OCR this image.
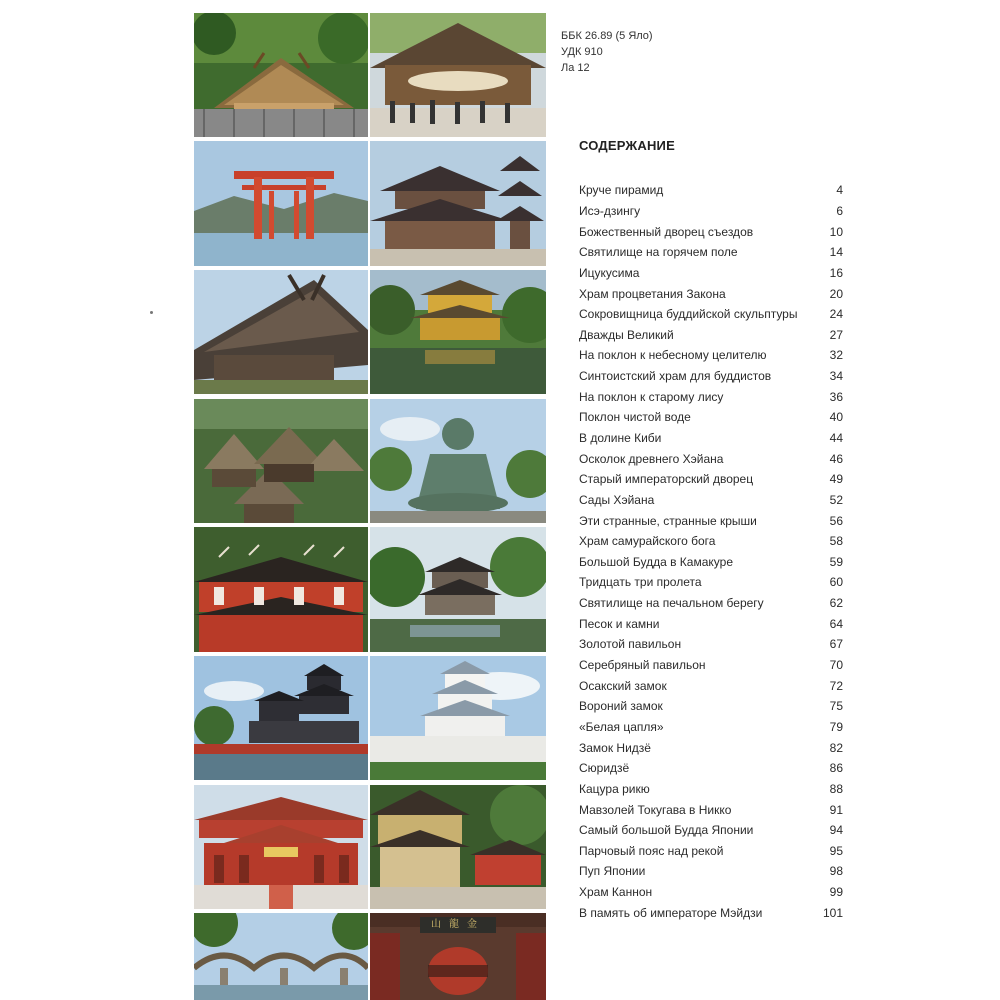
山龍金
ББК 26.89 (5 Яло)
УДК 910
Ла 12
СОДЕРЖАНИЕ
Круче пирамид	4
Исэ-дзингу	6
Божественный дворец съездов	10
Святилище на горячем поле	14
Ицукусима	16
Храм процветания Закона	20
Сокровищница буддийской скульптуры	24
Дважды Великий	27
На поклон к небесному целителю	32
Синтоистский храм для буддистов	34
На поклон к старому лису	36
Поклон чистой воде	40
В долине Киби	44
Осколок древнего Хэйана	46
Старый императорский дворец	49
Сады Хэйана	52
Эти странные, странные крыши	56
Храм самурайского бога	58
Большой Будда в Камакуре	59
Тридцать три пролета	60
Святилище на печальном берегу	62
Песок и камни	64
Золотой павильон	67
Серебряный павильон	70
Осакский замок	72
Вороний замок	75
«Белая цапля»	79
Замок Нидзё	82
Сюридзё	86
Кацура рикю	88
Мавзолей Токугава в Никко	91
Самый большой Будда Японии	94
Парчовый пояс над рекой	95
Пуп Японии	98
Храм Каннон	99
В память об императоре Мэйдзи	101
